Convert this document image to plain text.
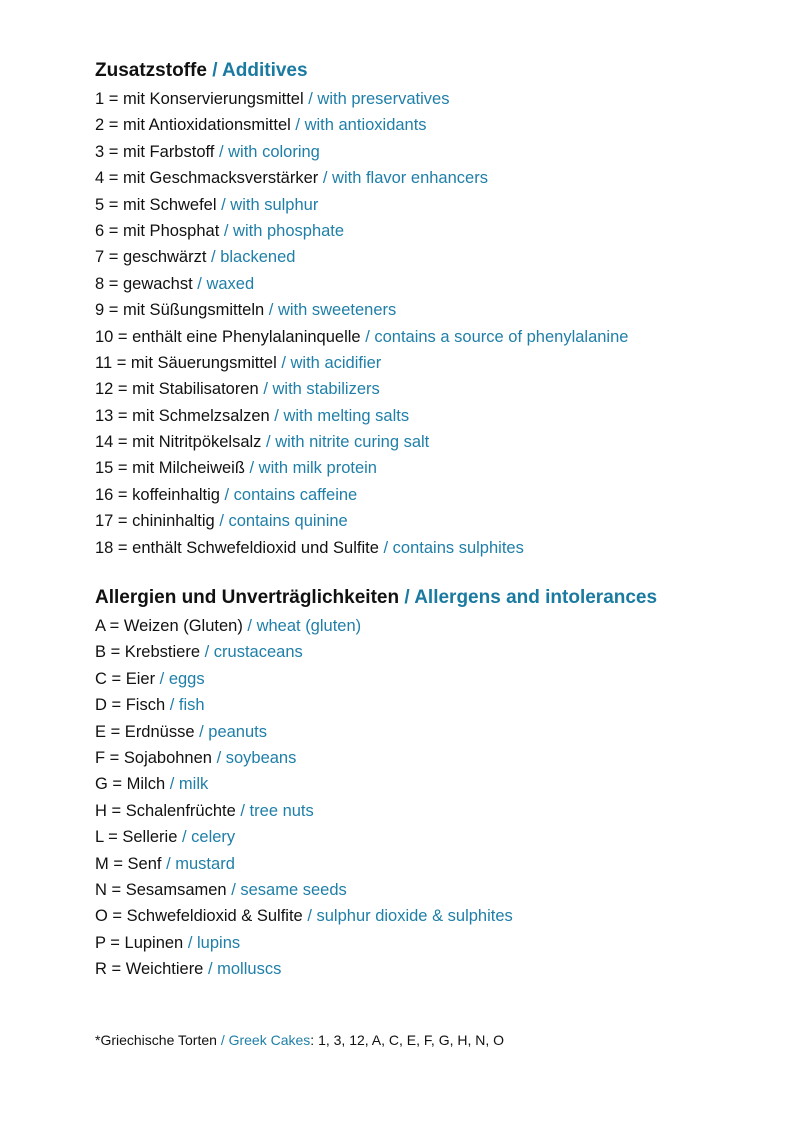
Zusatzstoffe / Additives
1 = mit Konservierungsmittel / with preservatives
2 = mit Antioxidationsmittel / with antioxidants
3 = mit Farbstoff / with coloring
4 = mit Geschmacksverstärker / with flavor enhancers
5 = mit Schwefel / with sulphur
6 = mit Phosphat / with phosphate
7 = geschwärzt / blackened
8 = gewachst / waxed
9 = mit Süßungsmitteln / with sweeteners
10 = enthält eine Phenylalaninquelle / contains a source of phenylalanine
11 = mit Säuerungsmittel / with acidifier
12 = mit Stabilisatoren / with stabilizers
13 = mit Schmelzsalzen / with melting salts
14 = mit Nitritpökelsalz / with nitrite curing salt
15 = mit Milcheiweiß / with milk protein
16 = koffeinhaltig / contains caffeine
17 = chininhaltig / contains quinine
18 = enthält Schwefeldioxid und Sulfite / contains sulphites
Allergien und Unverträglichkeiten / Allergens and intolerances
A = Weizen (Gluten) / wheat (gluten)
B = Krebstiere / crustaceans
C = Eier / eggs
D = Fisch / fish
E = Erdnüsse / peanuts
F = Sojabohnen / soybeans
G = Milch / milk
H = Schalenfrüchte / tree nuts
L = Sellerie / celery
M = Senf / mustard
N = Sesamsamen / sesame seeds
O = Schwefeldioxid & Sulfite / sulphur dioxide & sulphites
P = Lupinen / lupins
R = Weichtiere / molluscs
*Griechische Torten / Greek Cakes: 1, 3, 12, A, C, E, F, G, H, N, O
